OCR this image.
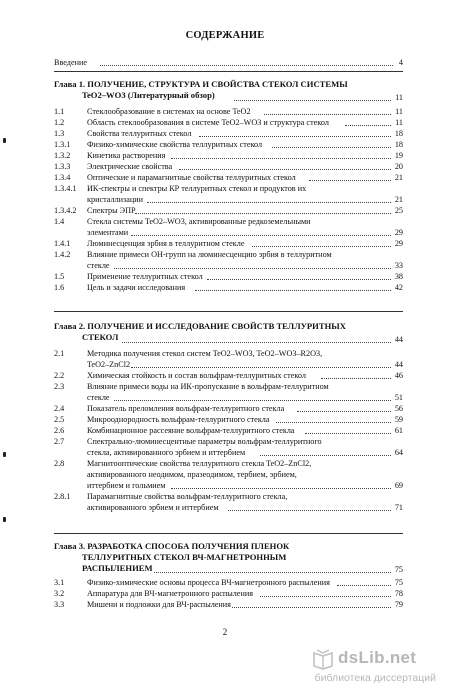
СОДЕРЖАНИЕ
Введение	4
Глава 1. ПОЛУЧЕНИЕ, СТРУКТУРА И СВОЙСТВА СТЕКОЛ СИСТЕМЫ
TeO2–WO3 (Литературный обзор)	11
1.1	Стеклообразование в системах на основе TeO2	11
1.2	Область стеклообразования в системе TeO2–WO3 и структура стекол	11
1.3	Свойства теллуритных стекол	18
1.3.1 Физико-химические свойства теллуритных стекол	18
1.3.2 Кинетика растворения	19
1.3.3 Электрические свойства	20
1.3.4 Оптические и парамагнитные свойства теллуритных стекол	21
1.3.4.1 ИК-спектры и спектры КР теллуритных стекол и продуктов их
кристаллизации	21
1.3.4.2 Спектры ЭПР	25
1.4	Стекла системы TeO2–WO3, активированные редкоземельными
элементами	29
1.4.1 Люминесценция эрбия в теллуритном стекле	29
1.4.2 Влияние примеси ОН-групп на люминесценцию эрбия в теллуритном
стекле	33
1.5	Применение теллуритных стекол	38
1.6	Цель и задачи исследования	42
Глава 2. ПОЛУЧЕНИЕ И ИССЛЕДОВАНИЕ СВОЙСТВ ТЕЛЛУРИТНЫХ
СТЕКОЛ	44
2.1	Методика получения стекол систем TeO2–WO3, TeO2–WO3–R2O3,
TeO2–ZnCl2	44
2.2	Химическая стойкость и состав вольфрам-теллуритных стекол	46
2.3	Влияние примеси воды на ИК-пропускание в вольфрам-теллуритном
стекле	51
2.4	Показатель преломления вольфрам-теллуритного стекла	56
2.5	Микрооднородность вольфрам-теллуритного стекла	59
2.6	Комбинационное рассеяние вольфрам-теллуритного стекла	61
2.7	Спектрально-люминесцентные параметры вольфрам-теллуритного
стекла, активированного эрбием и иттербием	64
2.8	Магнитооптические свойства теллуритного стекла TeO2–ZnCl2,
активированного неодимом, празеодимом, тербием, эрбием,
иттербием и гольмием	69
2.8.1 Парамагнитные свойства вольфрам-теллуритного стекла,
активированного эрбием и иттербием	71
Глава 3. РАЗРАБОТКА СПОСОБА ПОЛУЧЕНИЯ ПЛЕНОК
ТЕЛЛУРИТНЫХ СТЕКОЛ ВЧ-МАГНЕТРОННЫМ
РАСПЫЛЕНИЕМ	75
3.1	Физико-химические основы процесса ВЧ-магнетронного распыления	75
3.2	Аппаратура для ВЧ-магнетронного распыления	78
3.3	Мишени и подложки для ВЧ-распыления	79
2
dsLib.net
библиотека диссертаций
